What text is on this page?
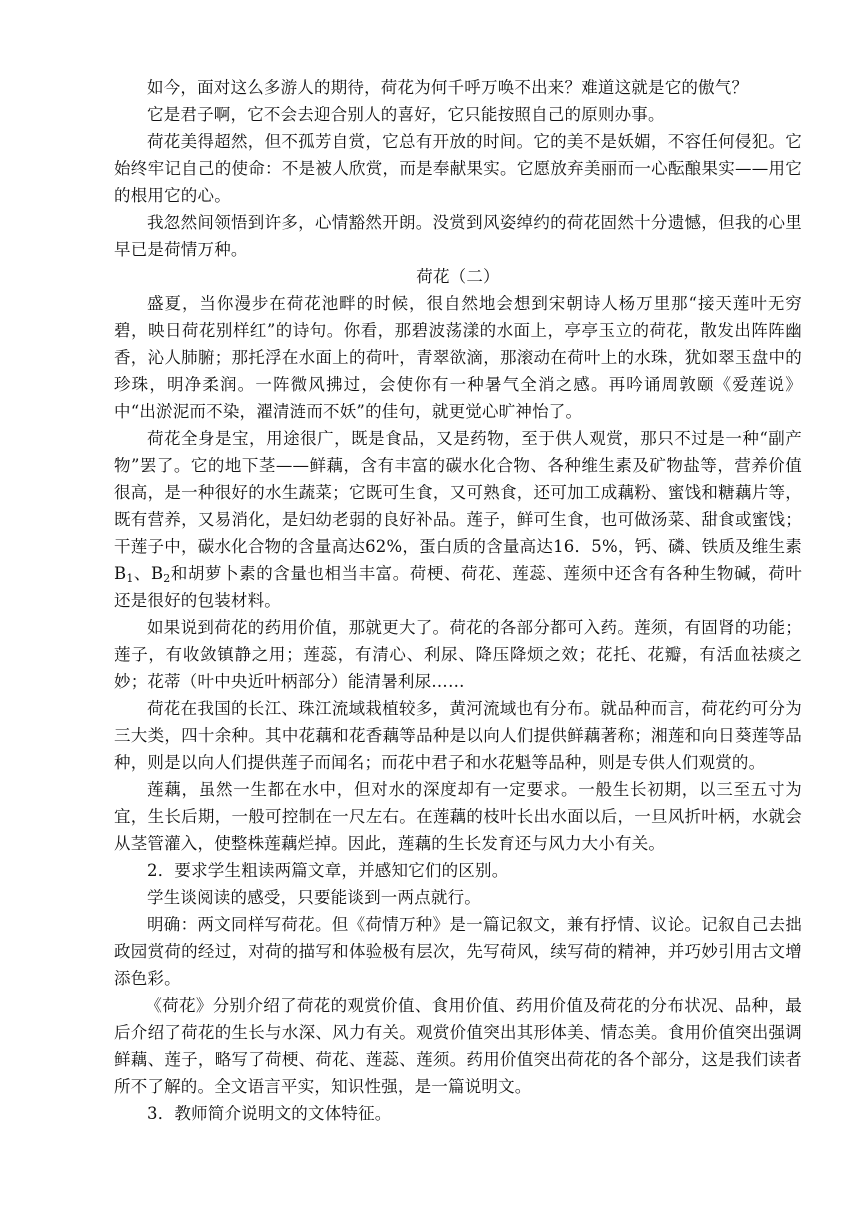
如今，面对这么多游人的期待，荷花为何千呼万唤不出来？难道这就是它的傲气？

它是君子啊，它不会去迎合别人的喜好，它只能按照自己的原则办事。

荷花美得超然，但不孤芳自赏，它总有开放的时间。它的美不是妖媚，不容任何侵犯。它始终牢记自己的使命：不是被人欣赏，而是奉献果实。它愿放弃美丽而一心酝酿果实——用它的根用它的心。

我忽然间领悟到许多，心情豁然开朗。没赏到风姿绰约的荷花固然十分遗憾，但我的心里早已是荷情万种。

荷花（二）

盛夏，当你漫步在荷花池畔的时候，很自然地会想到宋朝诗人杨万里那“接天莲叶无穷碧，映日荷花别样红”的诗句。你看，那碧波荡漾的水面上，亭亭玉立的荷花，散发出阵阵幽香，沁人肺腑；那托浮在水面上的荷叶，青翠欲滴，那滚动在荷叶上的水珠，犹如翠玉盘中的珍珠，明净柔润。一阵微风拂过，会使你有一种暑气全消之感。再吟诵周敦颐《爱莲说》中“出淤泥而不染，濯清涟而不妖”的佳句，就更觉心旷神怡了。

荷花全身是宝，用途很广，既是食品，又是药物，至于供人观赏，那只不过是一种“副产物”罢了。它的地下茎——鲜藕，含有丰富的碳水化合物、各种维生素及矿物盐等，营养价值很高，是一种很好的水生蔬菜；它既可生食，又可熟食，还可加工成藕粉、蜜饯和糖藕片等，既有营养，又易消化，是妇幼老弱的良好补品。莲子，鲜可生食，也可做汤菜、甜食或蜜饯；干莲子中，碳水化合物的含量高达62%，蛋白质的含量高达16．5%，钙、磷、铁质及维生素 $B_1$、$B_2$和胡萝卜素的含量也相当丰富。荷梗、荷花、莲蕊、莲须中还含有各种生物碱，荷叶还是很好的包装材料。

如果说到荷花的药用价值，那就更大了。荷花的各部分都可入药。莲须，有固肾的功能；莲子，有收敛镇静之用；莲蕊，有清心、利尿、降压降烦之效；花托、花瓣，有活血祛痰之妙；花蒂（叶中央近叶柄部分）能清暑利尿……

荷花在我国的长江、珠江流域栽植较多，黄河流域也有分布。就品种而言，荷花约可分为三大类，四十余种。其中花藕和花香藕等品种是以向人们提供鲜藕著称；湘莲和向日葵莲等品种，则是以向人们提供莲子而闻名；而花中君子和水花魁等品种，则是专供人们观赏的。

莲藕，虽然一生都在水中，但对水的深度却有一定要求。一般生长初期，以三至五寸为宜，生长后期，一般可控制在一尺左右。在莲藕的枝叶长出水面以后，一旦风折叶柄，水就会从茎管灌入，使整株莲藕烂掉。因此，莲藕的生长发育还与风力大小有关。

2．要求学生粗读两篇文章，并感知它们的区别。

学生谈阅读的感受，只要能谈到一两点就行。

明确：两文同样写荷花。但《荷情万种》是一篇记叙文，兼有抒情、议论。记叙自己去拙政园赏荷的经过，对荷的描写和体验极有层次，先写荷风，续写荷的精神，并巧妙引用古文增添色彩。

《荷花》分别介绍了荷花的观赏价值、食用价值、药用价值及荷花的分布状况、品种，最后介绍了荷花的生长与水深、风力有关。观赏价值突出其形体美、情态美。食用价值突出强调鲜藕、莲子，略写了荷梗、荷花、莲蕊、莲须。药用价值突出荷花的各个部分，这是我们读者所不了解的。全文语言平实，知识性强，是一篇说明文。

3．教师简介说明文的文体特征。
